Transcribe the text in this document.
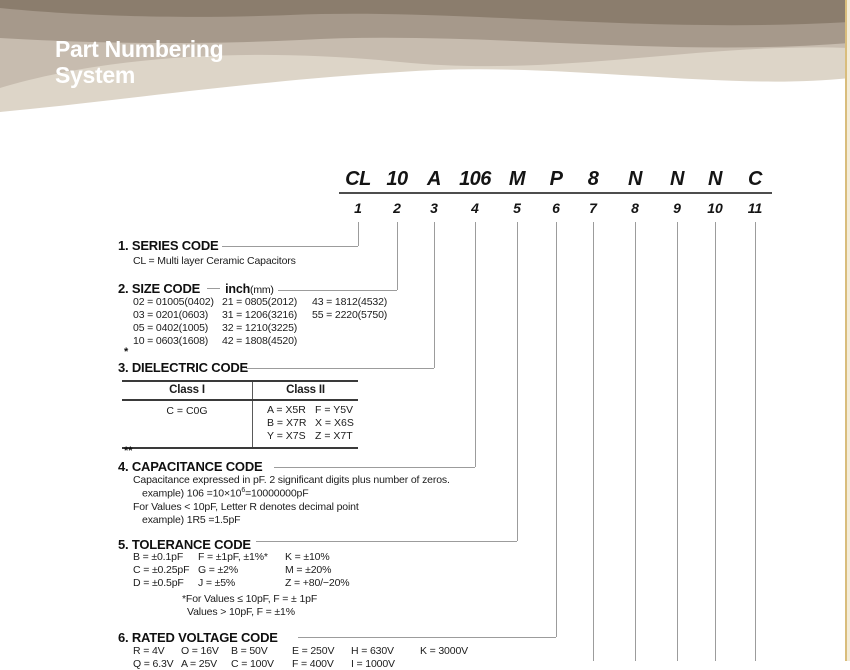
Part Numbering
System
CL 10 A 106 M P 8 N N N C
1 2 3 4 5 6 7 8 9 10 11
1. SERIES CODE
CL = Multi layer Ceramic Capacitors
2. SIZE CODE inch(mm)
02 = 01005(0402)
03 = 0201(0603)
05 = 0402(1005)
10 = 0603(1608)
21 = 0805(2012)
31 = 1206(3216)
32 = 1210(3225)
42 = 1808(4520)
43 = 1812(4532)
55 = 2220(5750)
*
3. DIELECTRIC CODE
Class I	Class II
C = C0G	A = X5R F = Y5V
B = X7R X = X6S
Y = X7S Z = X7T
**
4. CAPACITANCE CODE
Capacitance expressed in pF. 2 significant digits plus number of zeros.
example) $106 =10\times 10^6=10000000pF$
For Values < 10pF, Letter R denotes decimal point
example) 1R5 =1.5pF
5. TOLERANCE CODE
B = ±0.1pF
C = ±0.25pF
D = ±0.5pF
F = ±1pF, ±1%*
G = ±2%
J = ±5%
K = ±10%
M = ±20%
Z = +80/−20%
*For Values ≤ 10pF, F = ± 1pF
Values > 10pF, F = ±1%
6. RATED VOLTAGE CODE
R = 4V O = 16V B = 50V E = 250V H = 630V K = 3000V
Q = 6.3V A = 25V C = 100V F = 400V I = 1000V
